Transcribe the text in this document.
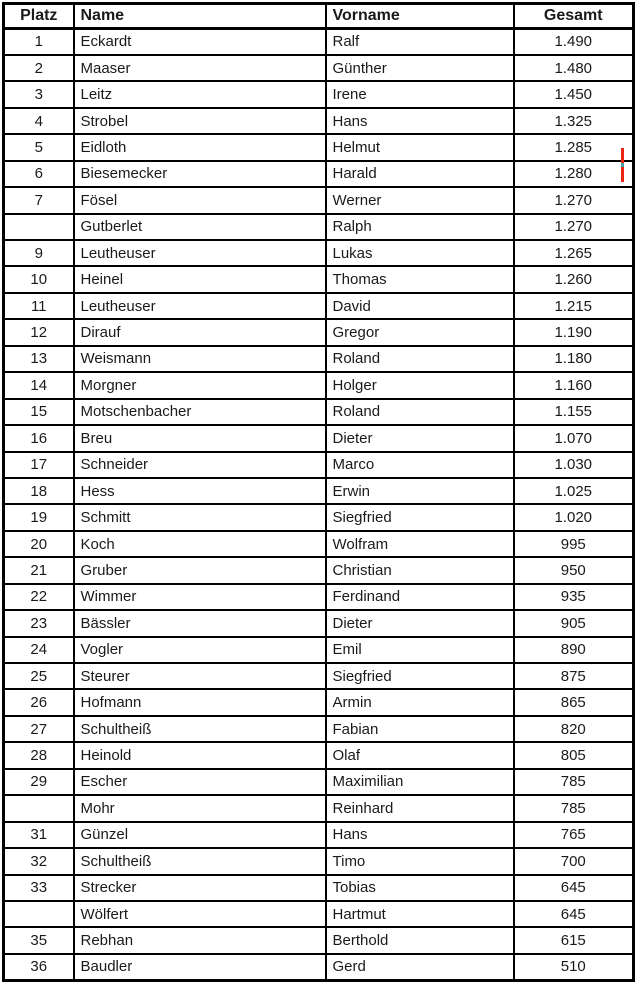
Platz	Name	Vorname	Gesamt
1	Eckardt	Ralf	1.490
2	Maaser	Günther	1.480
3	Leitz	Irene	1.450
4	Strobel	Hans	1.325
5	Eidloth	Helmut	1.285
6	Biesemecker	Harald	1.280
7	Fösel	Werner	1.270
	Gutberlet	Ralph	1.270
9	Leutheuser	Lukas	1.265
10	Heinel	Thomas	1.260
11	Leutheuser	David	1.215
12	Dirauf	Gregor	1.190
13	Weismann	Roland	1.180
14	Morgner	Holger	1.160
15	Motschenbacher	Roland	1.155
16	Breu	Dieter	1.070
17	Schneider	Marco	1.030
18	Hess	Erwin	1.025
19	Schmitt	Siegfried	1.020
20	Koch	Wolfram	995
21	Gruber	Christian	950
22	Wimmer	Ferdinand	935
23	Bässler	Dieter	905
24	Vogler	Emil	890
25	Steurer	Siegfried	875
26	Hofmann	Armin	865
27	Schultheiß	Fabian	820
28	Heinold	Olaf	805
29	Escher	Maximilian	785
	Mohr	Reinhard	785
31	Günzel	Hans	765
32	Schultheiß	Timo	700
33	Strecker	Tobias	645
	Wölfert	Hartmut	645
35	Rebhan	Berthold	615
36	Baudler	Gerd	510
